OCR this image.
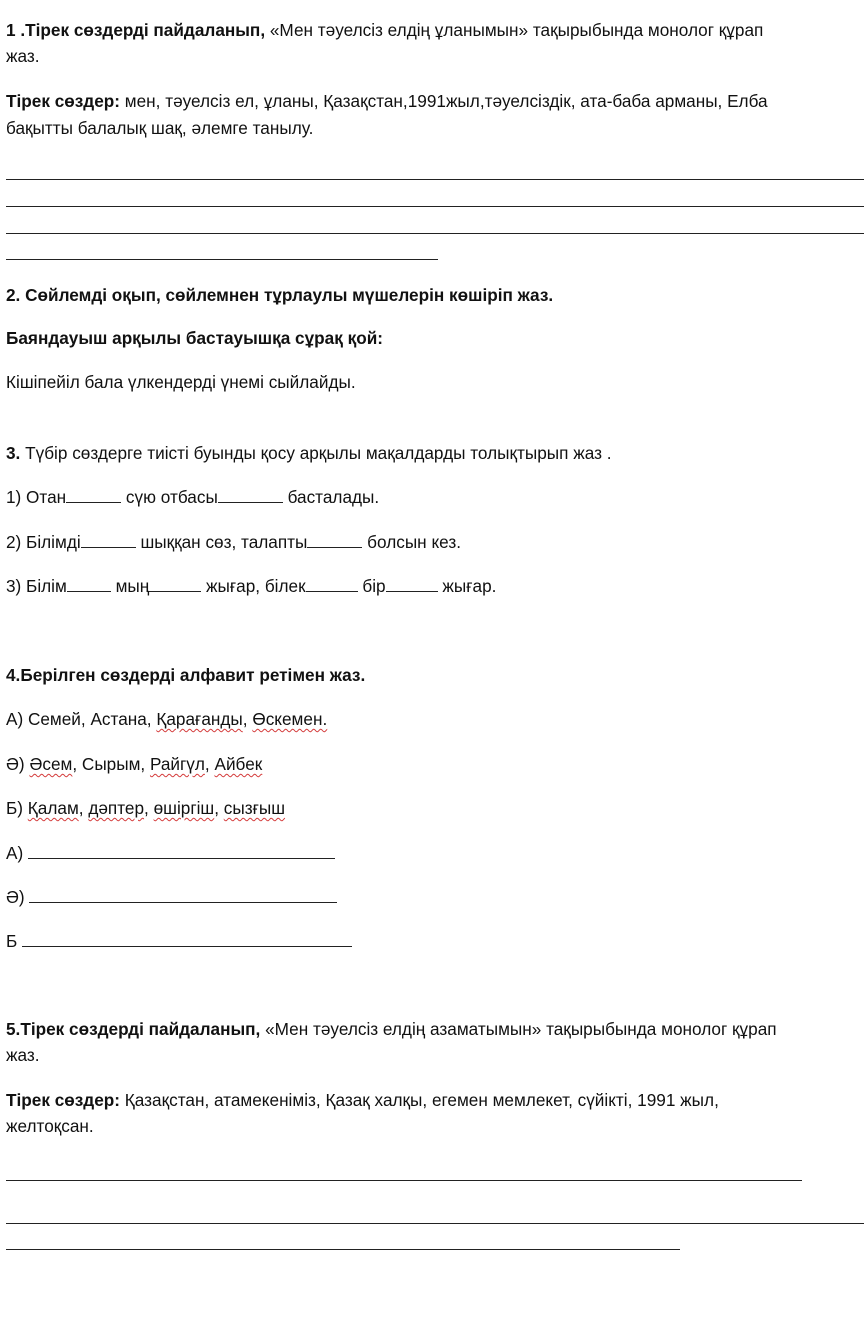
1 .Тірек сөздерді пайдаланып, «Мен тәуелсіз елдің ұланымын» тақырыбында монолог құрап
жаз.
Тірек сөздер: мен, тәуелсіз ел, ұланы, Қазақстан,1991жыл,тәуелсіздік, ата-баба арманы, Елба
бақытты балалық шақ, әлемге танылу.
2. Сөйлемді оқып, сөйлемнен тұрлаулы мүшелерін көшіріп жаз.
Баяндауыш арқылы бастауышқа сұрақ қой:
Кішіпейіл бала үлкендерді үнемі сыйлайды.
3. Түбір сөздерге тиісті буынды қосу арқылы мақалдарды толықтырып жаз .
1) Отан	сүю отбасы	басталады.
2) Білімді	шыққан сөз, талапты	болсын кез.
3) Білім	мың	жығар, білек	бір	жығар.
4.Берілген сөздерді алфавит ретімен жаз.
А) Семей, Астана, Қарағанды, Өскемен.
Ә) Әсем, Сырым, Райгүл, Айбек
Б) Қалам, дәптер, өшіргіш, сызғыш
А)
Ә)
Б
5.Тірек сөздерді пайдаланып, «Мен тәуелсіз елдің азаматымын» тақырыбында монолог құрап
жаз.
Тірек сөздер: Қазақстан, атамекеніміз, Қазақ халқы, егемен мемлекет, сүйікті, 1991 жыл,
желтоқсан.
